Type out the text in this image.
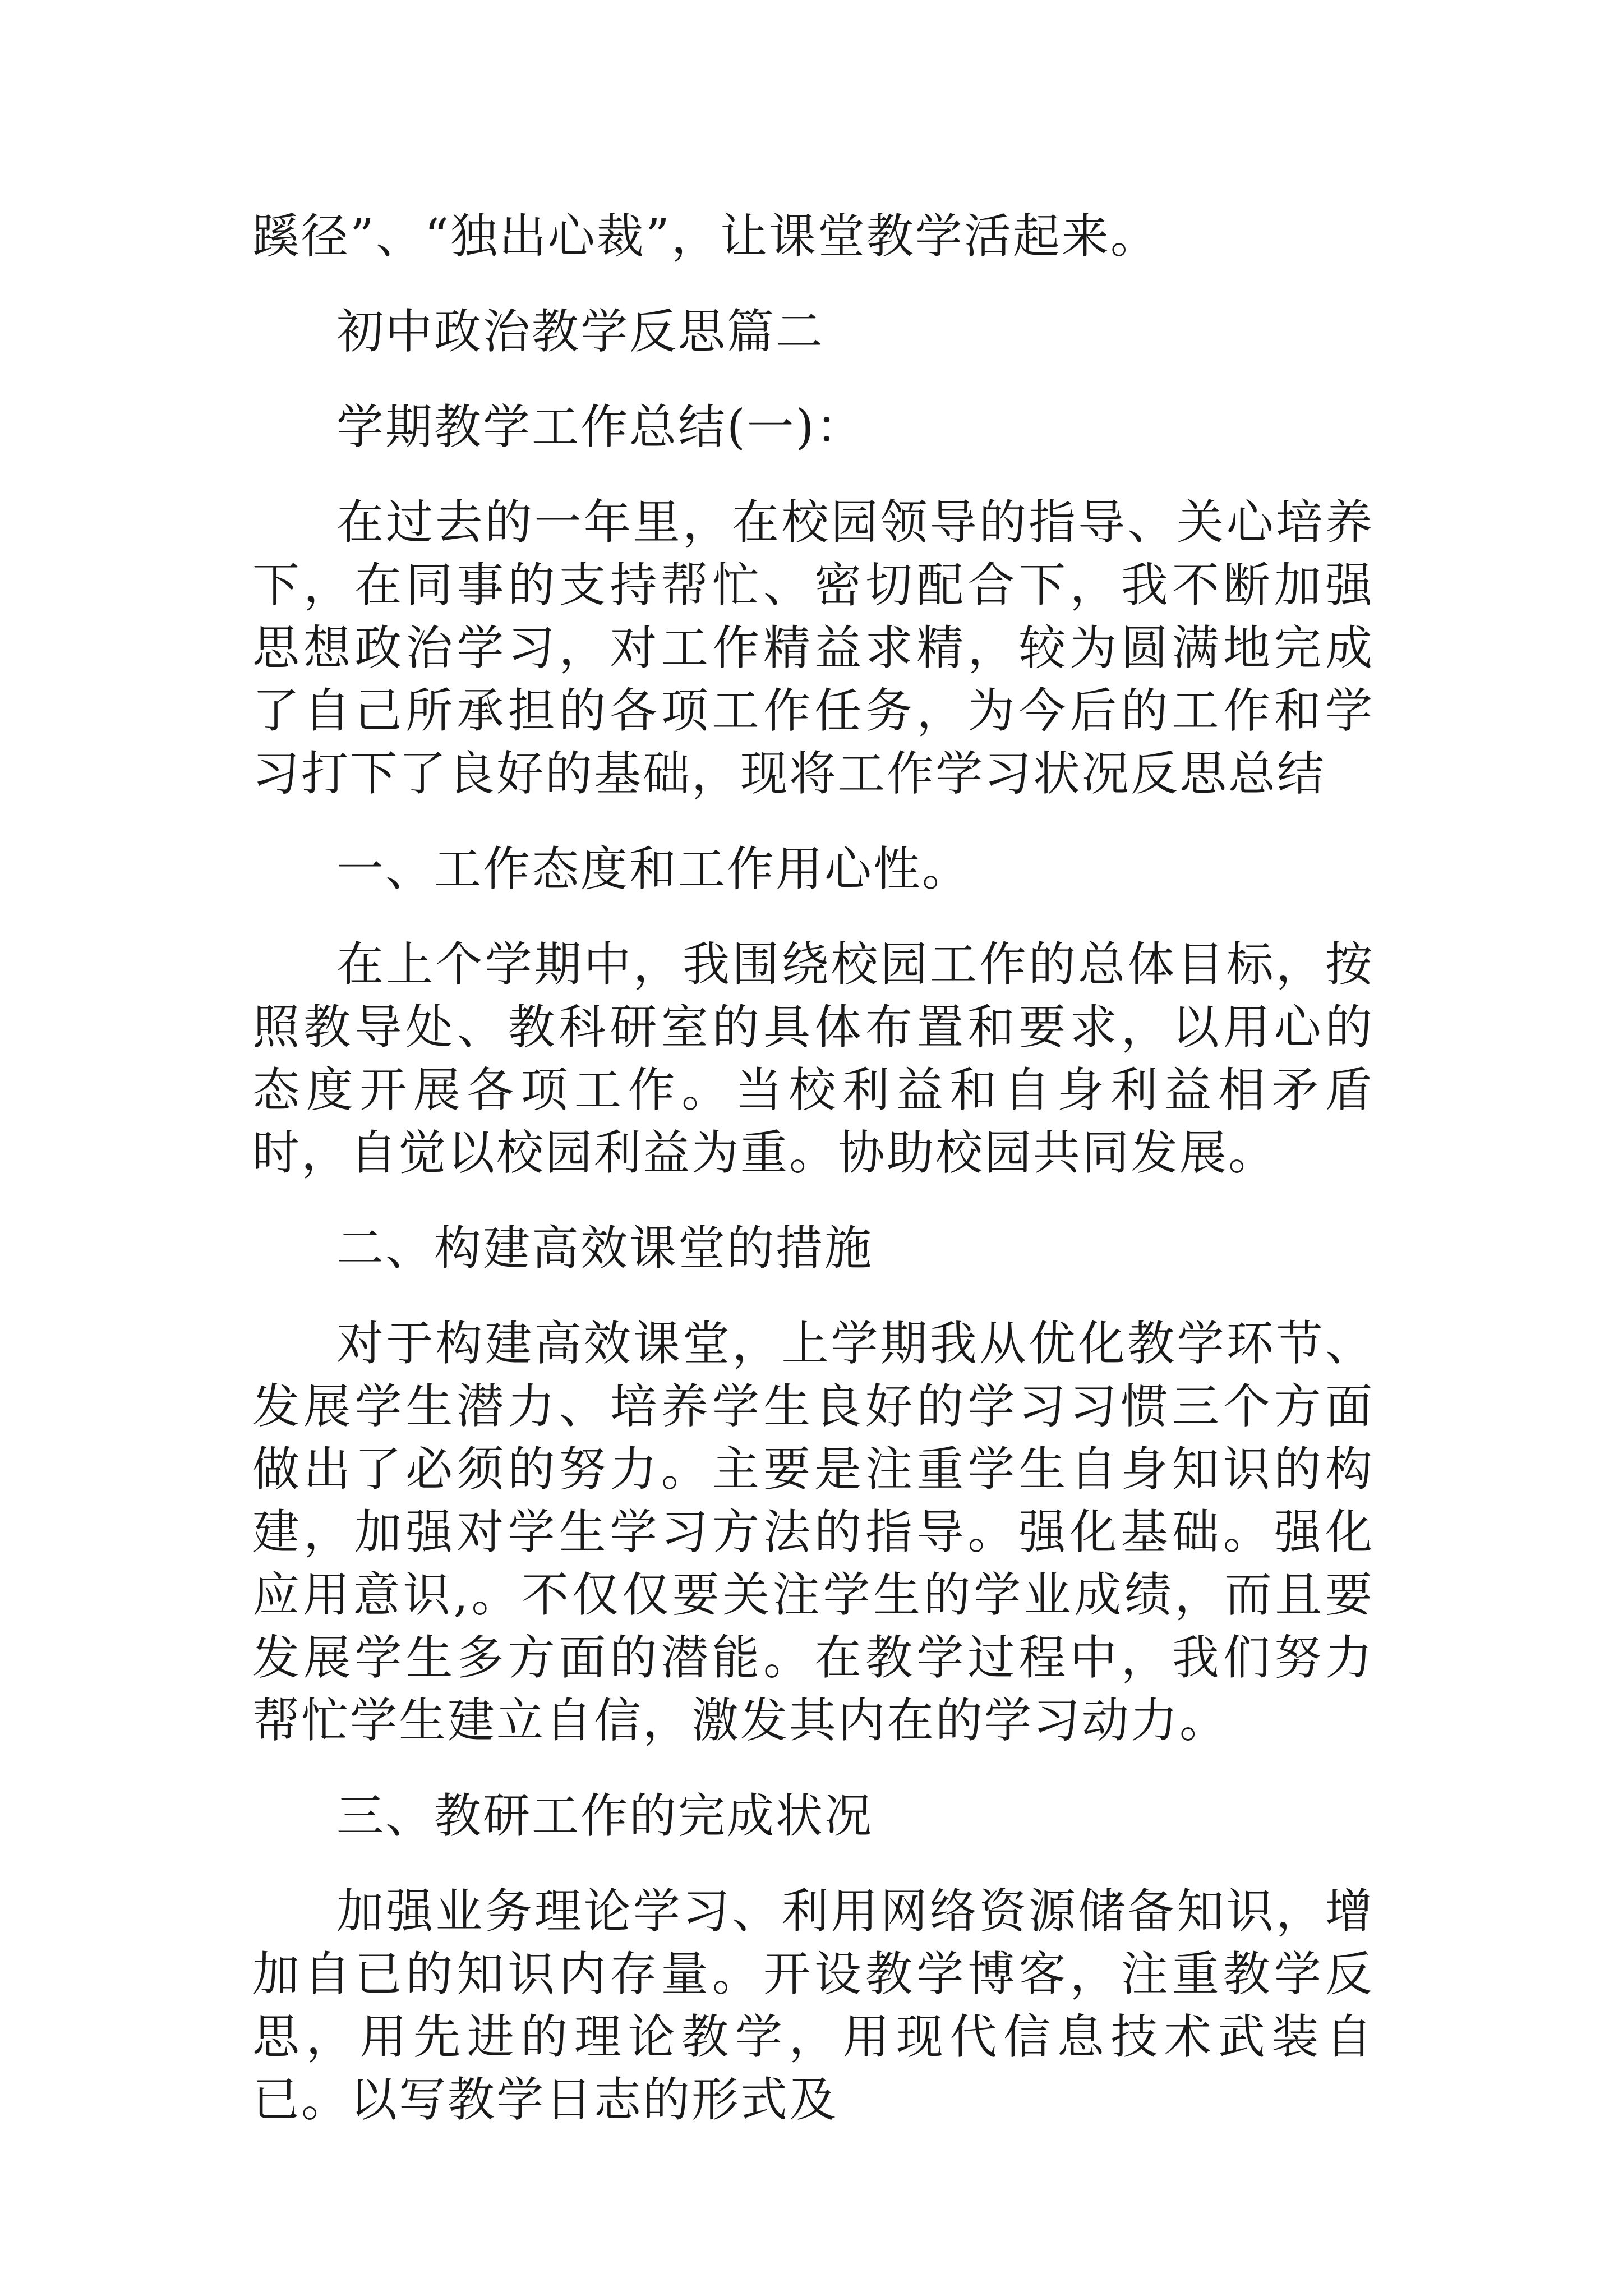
蹊径”、“独出心裁”，让课堂教学活起来。

初中政治教学反思篇二

学期教学工作总结(一)：

在过去的一年里，在校园领导的指导、关心培养下，在同事的支持帮忙、密切配合下，我不断加强思想政治学习，对工作精益求精，较为圆满地完成了自己所承担的各项工作任务，为今后的工作和学习打下了良好的基础，现将工作学习状况反思总结

一、工作态度和工作用心性。

在上个学期中，我围绕校园工作的总体目标，按照教导处、教科研室的具体布置和要求，以用心的态度开展各项工作。当校利益和自身利益相矛盾时，自觉以校园利益为重。协助校园共同发展。

二、构建高效课堂的措施

对于构建高效课堂，上学期我从优化教学环节、发展学生潜力、培养学生良好的学习习惯三个方面做出了必须的努力。主要是注重学生自身知识的构建，加强对学生学习方法的指导。强化基础。强化应用意识,。不仅仅要关注学生的学业成绩，而且要发展学生多方面的潜能。在教学过程中，我们努力帮忙学生建立自信，激发其内在的学习动力。

三、教研工作的完成状况

加强业务理论学习、利用网络资源储备知识，增加自已的知识内存量。开设教学博客，注重教学反思，用先进的理论教学，用现代信息技术武装自已。以写教学日志的形式及
